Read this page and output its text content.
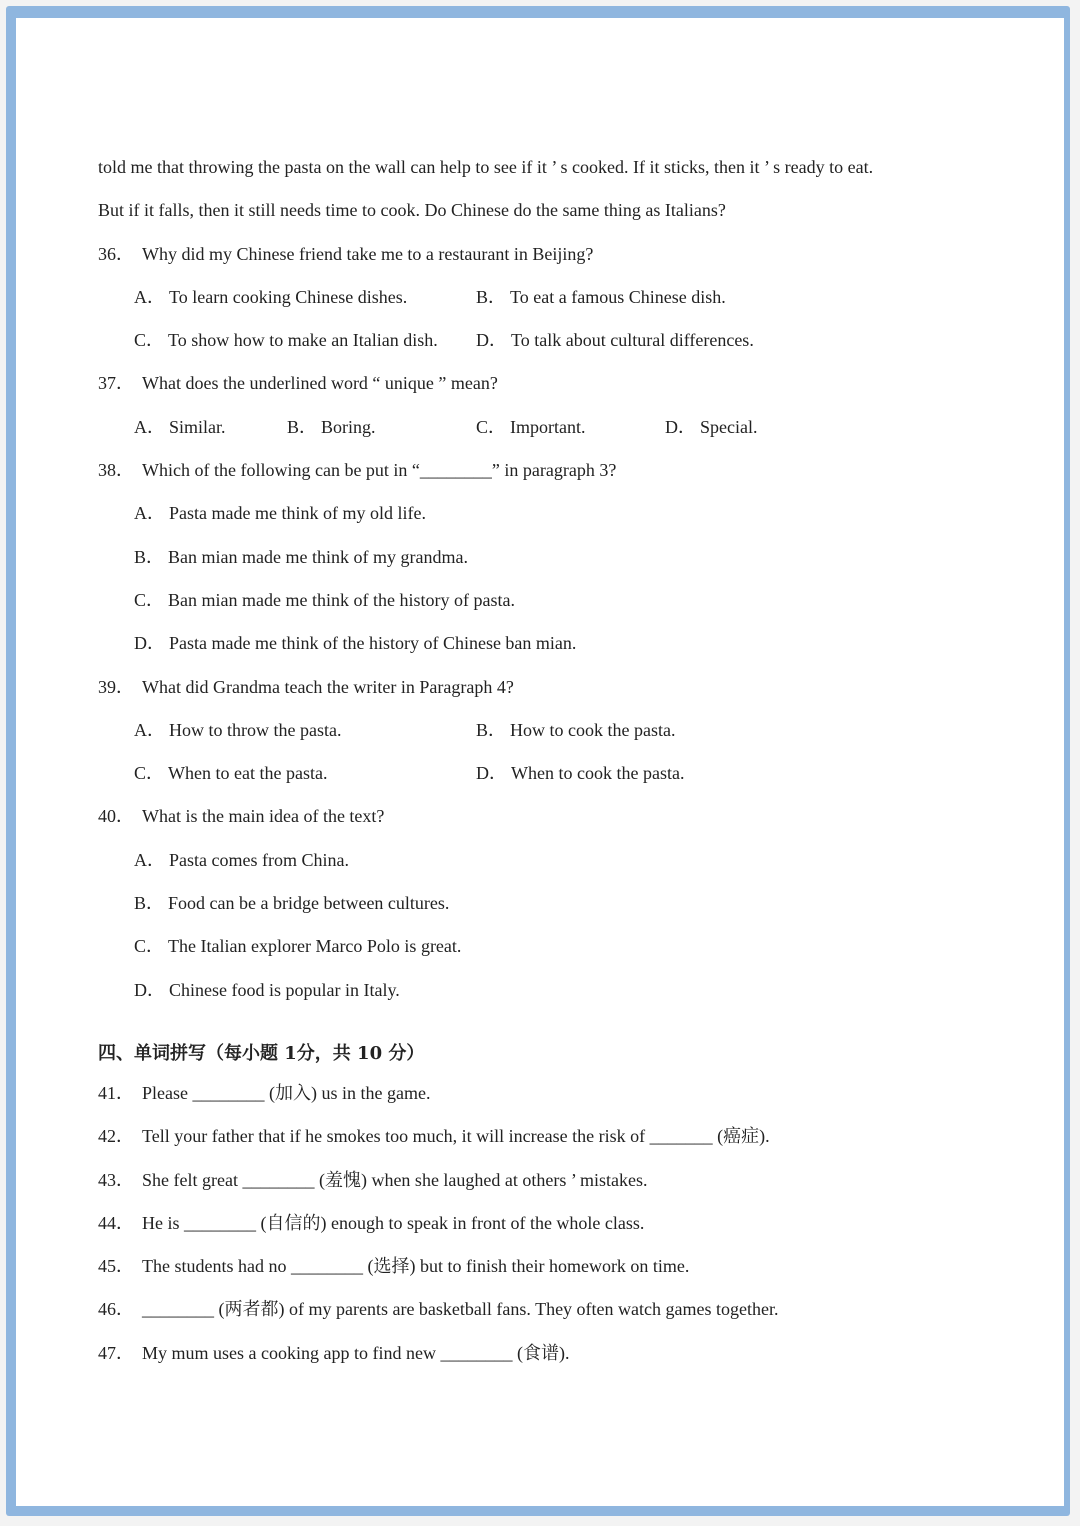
told me that throwing the pasta on the wall can help to see if it ’ s cooked. If it sticks, then it ’ s ready to eat.
But if it falls, then it still needs time to cook. Do Chinese do the same thing as Italians?
36． Why did my Chinese friend take me to a restaurant in Beijing?
A． To learn cooking Chinese dishes.	B． To eat a famous Chinese dish.
C． To show how to make an Italian dish. D． To talk about cultural differences.
37． What does the underlined word “ unique ” mean?
A． Similar.	B． Boring.	C． Important.	D． Special.
38． Which of the following can be put in “________” in paragraph 3?
A． Pasta made me think of my old life.
B． Ban mian made me think of my grandma.
C． Ban mian made me think of the history of pasta.
D． Pasta made me think of the history of Chinese ban mian.
39． What did Grandma teach the writer in Paragraph 4?
A． How to throw the pasta.	B． How to cook the pasta.
C． When to eat the pasta.	D． When to cook the pasta.
40． What is the main idea of the text?
A． Pasta comes from China.
B． Food can be a bridge between cultures.
C． The Italian explorer Marco Polo is great.
D． Chinese food is popular in Italy.
四、单词拼写（每小题 1分，共 10 分）
41． Please ________ (加入) us in the game.
42． Tell your father that if he smokes too much, it will increase the risk of _______ (癌症).
43． She felt great ________ (羞愧) when she laughed at others ’ mistakes.
44． He is ________ (自信的) enough to speak in front of the whole class.
45． The students had no ________ (选择) but to finish their homework on time.
46． ________ (两者都) of my parents are basketball fans. They often watch games together.
47． My mum uses a cooking app to find new ________ (食谱).
